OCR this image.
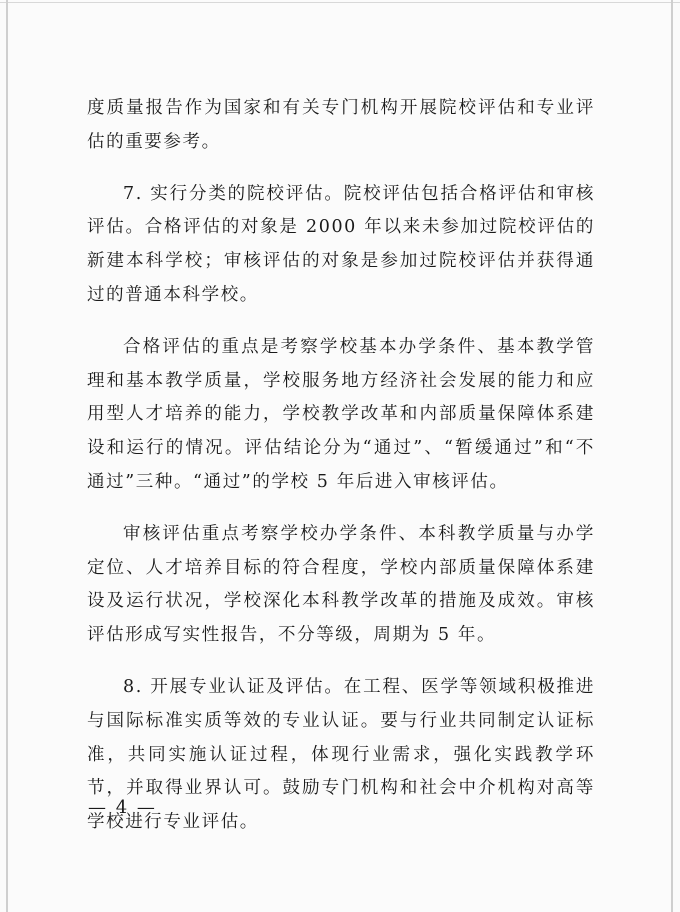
度质量报告作为国家和有关专门机构开展院校评估和专业评估的重要参考。

7. 实行分类的院校评估。院校评估包括合格评估和审核评估。合格评估的对象是 2000 年以来未参加过院校评估的新建本科学校；审核评估的对象是参加过院校评估并获得通过的普通本科学校。

合格评估的重点是考察学校基本办学条件、基本教学管理和基本教学质量，学校服务地方经济社会发展的能力和应用型人才培养的能力，学校教学改革和内部质量保障体系建设和运行的情况。评估结论分为“通过”、“暂缓通过”和“不通过”三种。“通过”的学校 5 年后进入审核评估。

审核评估重点考察学校办学条件、本科教学质量与办学定位、人才培养目标的符合程度，学校内部质量保障体系建设及运行状况，学校深化本科教学改革的措施及成效。审核评估形成写实性报告，不分等级，周期为 5 年。

8. 开展专业认证及评估。在工程、医学等领域积极推进与国际标准实质等效的专业认证。要与行业共同制定认证标准，共同实施认证过程，体现行业需求，强化实践教学环节，并取得业界认可。鼓励专门机构和社会中介机构对高等学校进行专业评估。

— 4 —
